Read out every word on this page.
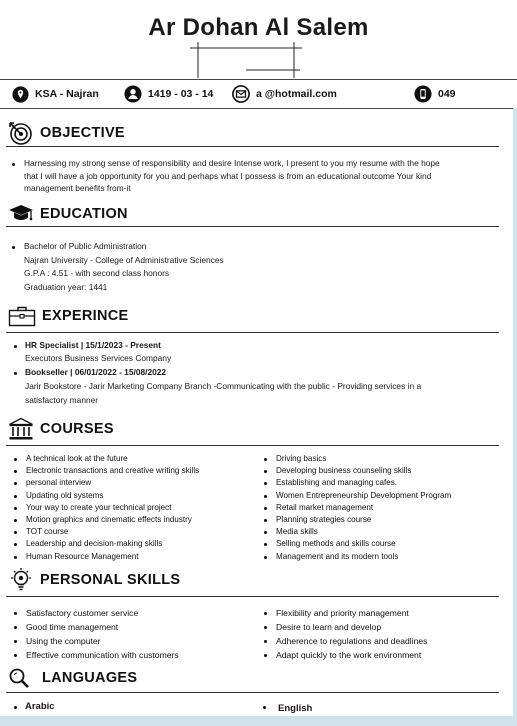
Ar Dohan Al Salem
KSA - Najran	1419 - 03 - 14	a @hotmail.com	049
OBJECTIVE
Harnessing my strong sense of responsibility and desire Intense work, I present to you my resume with the hope
that I will have a job opportunity for you and perhaps what I possess is from an educational outcome Your kind
management benefits from-it
EDUCATION
Bachelor of Public Administration
Najran University - College of Administrative Sciences
G.P.A : 4.51 - with second class honors
Graduation year: 1441
EXPERINCE
HR Specialist | 15/1/2023 - Present
Executors Business Services Company
Bookseller | 06/01/2022 - 15/08/2022
Jarir Bookstore - Jarir Marketing Company Branch -Communicating with the public - Providing services in a
satisfactory manner
COURSES
A technical look at the future
Electronic transactions and creative writing skills
personal interview
Updating old systems
Your way to create your technical project
Motion graphics and cinematic effects industry
TOT course
Leadership and decision-making skills
Human Resource Management
Driving basics
Developing business counseling skills
Establishing and managing cafes.
Women Entrepreneurship Development Program
Retail market management
Planning strategies course
Media skills
Selling methods and skills course
Management and its modern tools
PERSONAL SKILLS
Satisfactory customer service
Good time management
Using the computer
Effective communication with customers
Flexibility and priority management
Desire to learn and develop
Adherence to regulations and deadlines
Adapt quickly to the work environment
LANGUAGES
Arabic	English
